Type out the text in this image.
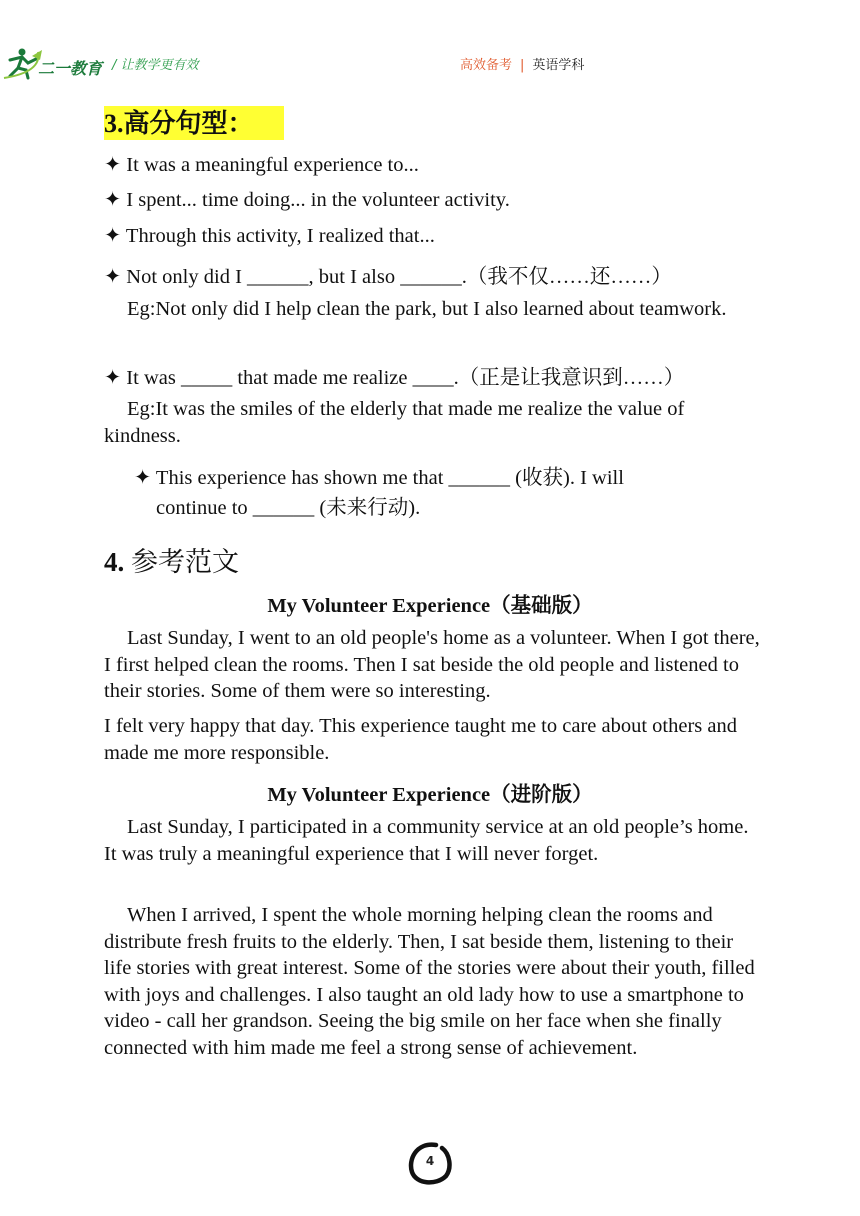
二一教育 / 让教学更有效	高效备考 | 英语学科
3.高分句型：
✦ It was a meaningful experience to...
✦ I spent... time doing... in the volunteer activity.
✦ Through this activity, I realized that...
✦ Not only did I ______, but I also ______.（我不仅……还……）
Eg:Not only did I help clean the park, but I also learned about teamwork.
✦ It was _____ that made me realize ____.（正是让我意识到……）
Eg:It was the smiles of the elderly that made me realize the value of kindness.
✦ This experience has shown me that ______ (收获). I will
continue to ______ (未来行动).
4. 参考范文
My Volunteer Experience（基础版）
Last Sunday, I went to an old people's home as a volunteer. When I got there, I first helped clean the rooms. Then I sat beside the old people and listened to their stories. Some of them were so interesting.
I felt very happy that day. This experience taught me to care about others and made me more responsible.
My Volunteer Experience（进阶版）
Last Sunday, I participated in a community service at an old people’s home. It was truly a meaningful experience that I will never forget.
When I arrived, I spent the whole morning helping clean the rooms and distribute fresh fruits to the elderly. Then, I sat beside them, listening to their life stories with great interest. Some of the stories were about their youth, filled with joys and challenges. I also taught an old lady how to use a smartphone to video - call her grandson. Seeing the big smile on her face when she finally connected with him made me feel a strong sense of achievement.
4
